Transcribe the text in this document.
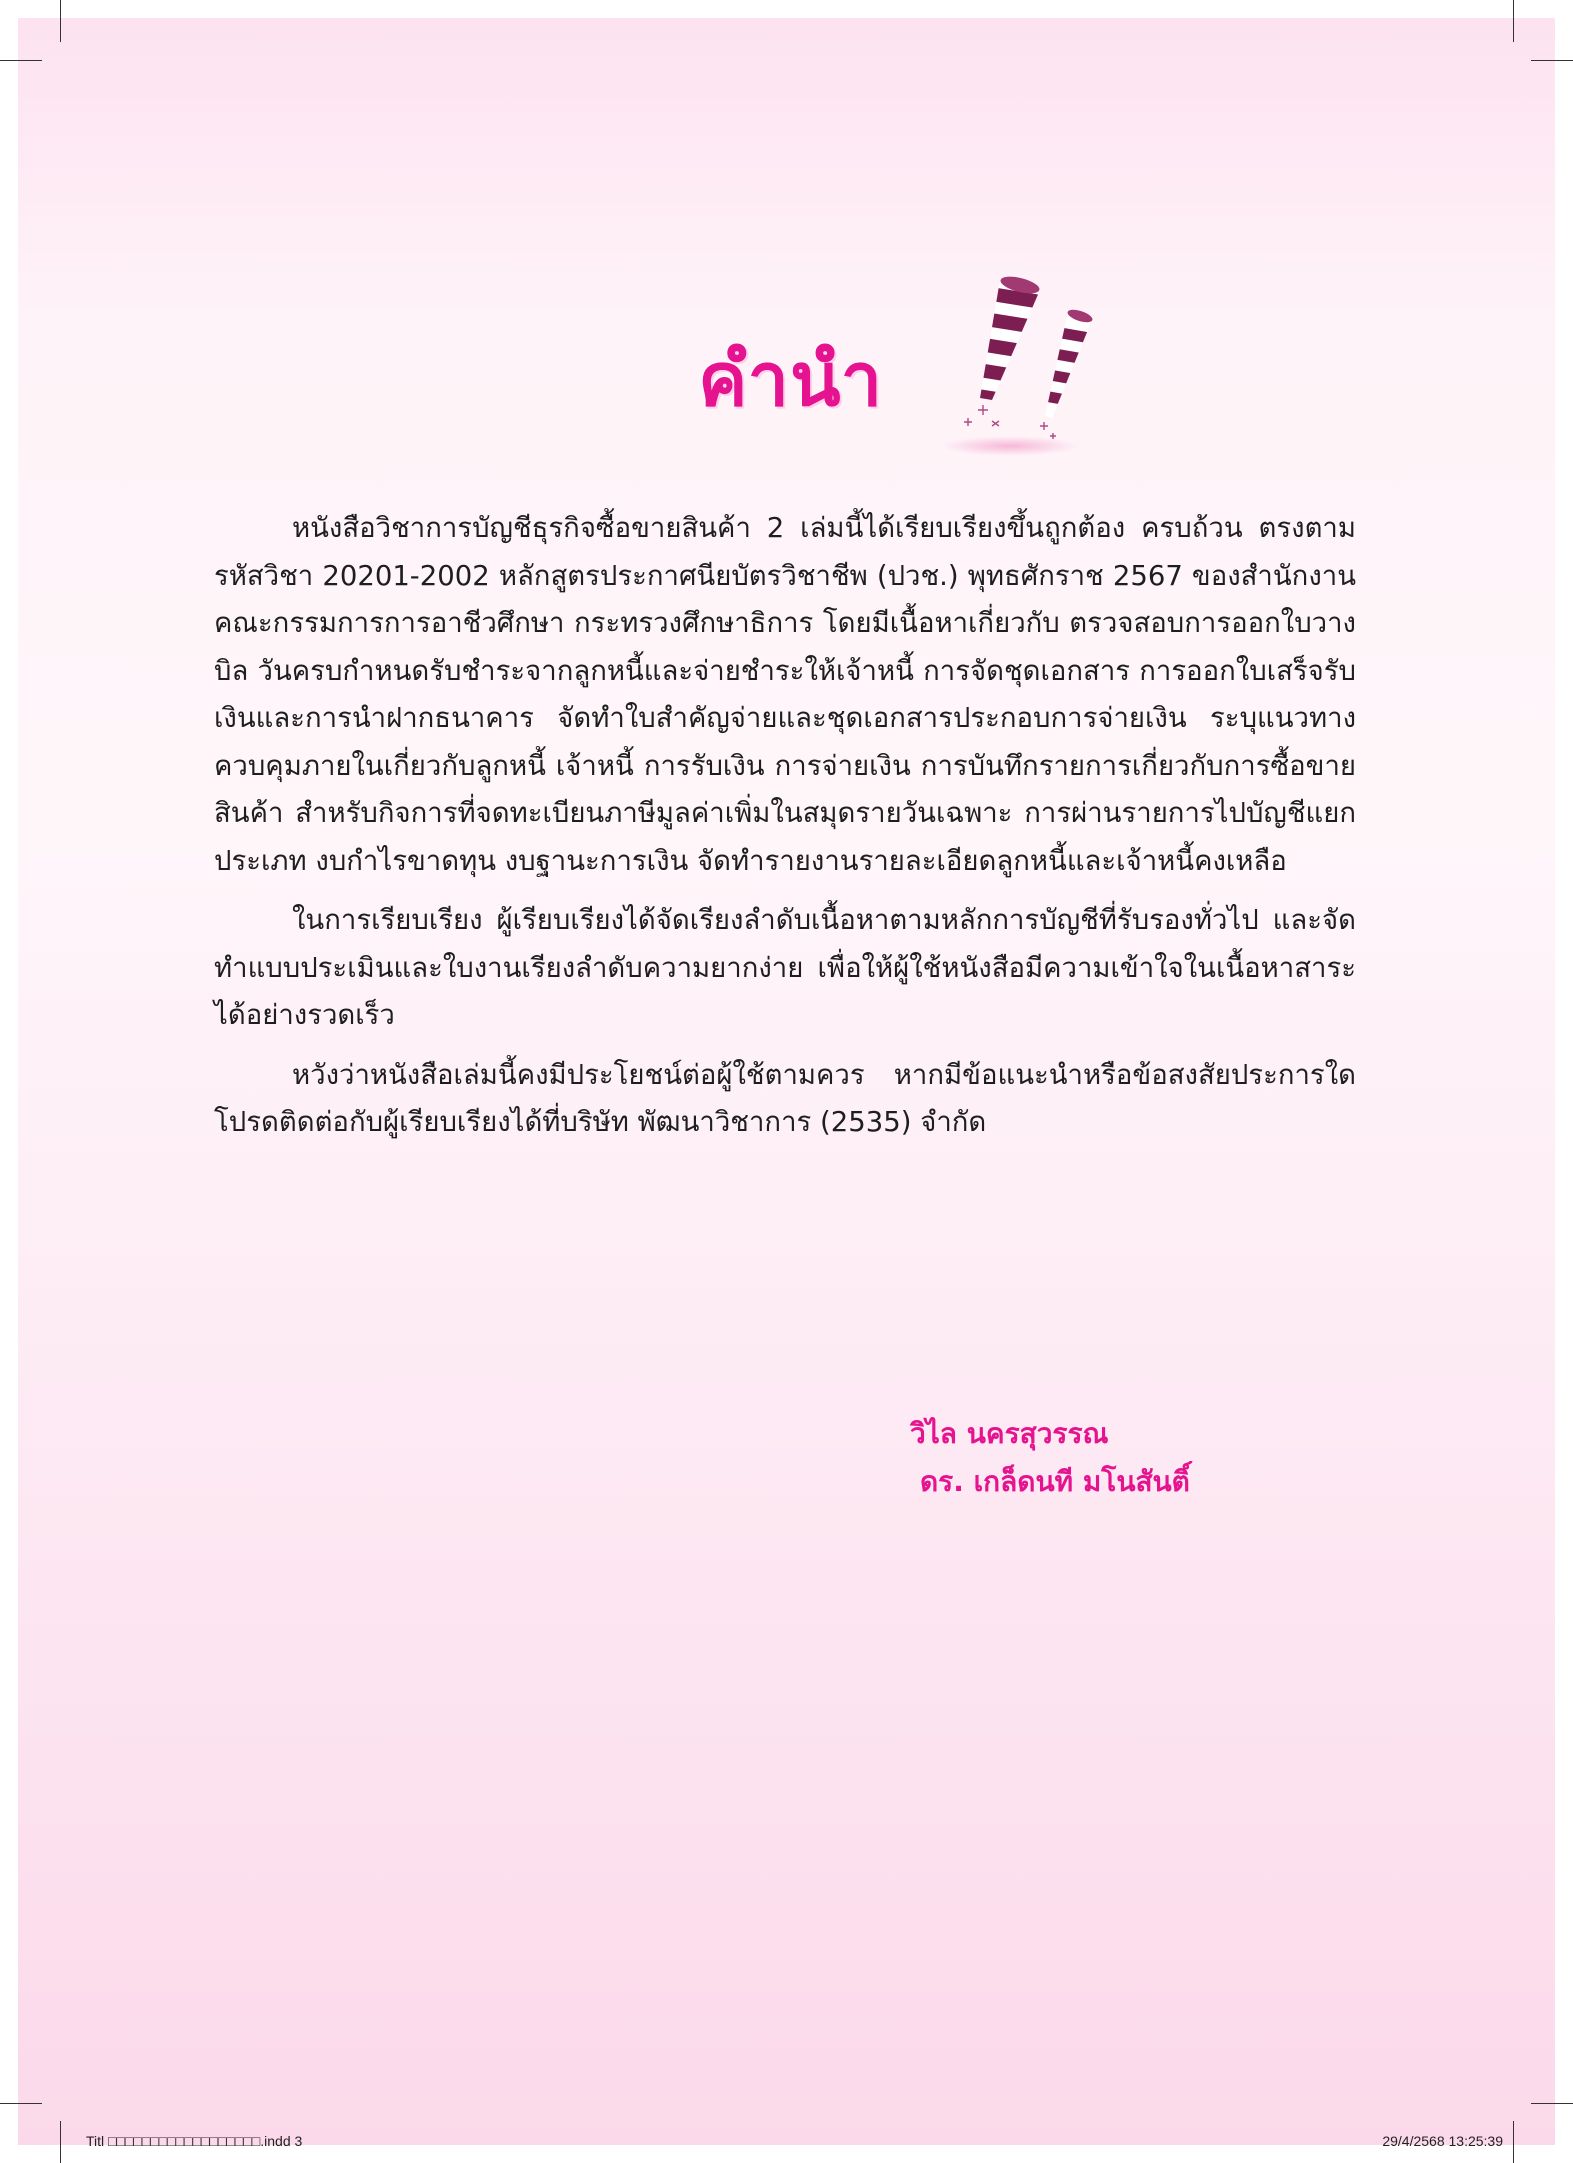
คำนำ

หนังสือวิชาการบัญชีธุรกิจซื้อขายสินค้า 2 เล่มนี้ได้เรียบเรียงขึ้นถูกต้อง ครบถ้วน ตรงตามรหัสวิชา 20201-2002 หลักสูตรประกาศนียบัตรวิชาชีพ (ปวช.) พุทธศักราช 2567 ของสำนักงานคณะกรรมการการอาชีวศึกษา กระทรวงศึกษาธิการ โดยมีเนื้อหาเกี่ยวกับ ตรวจสอบการออกใบวางบิล วันครบกำหนดรับชำระจากลูกหนี้และจ่ายชำระให้เจ้าหนี้ การจัดชุดเอกสาร การออกใบเสร็จรับเงินและการนำฝากธนาคาร จัดทำใบสำคัญจ่ายและชุดเอกสารประกอบการจ่ายเงิน ระบุแนวทางควบคุมภายในเกี่ยวกับลูกหนี้ เจ้าหนี้ การรับเงิน การจ่ายเงิน การบันทึกรายการเกี่ยวกับการซื้อขายสินค้า สำหรับกิจการที่จดทะเบียนภาษีมูลค่าเพิ่มในสมุดรายวันเฉพาะ การผ่านรายการไปบัญชีแยกประเภท งบกำไรขาดทุน งบฐานะการเงิน จัดทำรายงานรายละเอียดลูกหนี้และเจ้าหนี้คงเหลือ

ในการเรียบเรียง ผู้เรียบเรียงได้จัดเรียงลำดับเนื้อหาตามหลักการบัญชีที่รับรองทั่วไป และจัดทำแบบประเมินและใบงานเรียงลำดับความยากง่าย เพื่อให้ผู้ใช้หนังสือมีความเข้าใจในเนื้อหาสาระได้อย่างรวดเร็ว

หวังว่าหนังสือเล่มนี้คงมีประโยชน์ต่อผู้ใช้ตามควร หากมีข้อแนะนำหรือข้อสงสัยประการใด โปรดติดต่อกับผู้เรียบเรียงได้ที่บริษัท พัฒนาวิชาการ (2535) จำกัด

วิไล นครสุวรรณ
ดร. เกล็ดนที มโนสันติ์
Titl □□□□□□□□□□□□□□□□□□.indd 3	29/4/2568 13:25:39
